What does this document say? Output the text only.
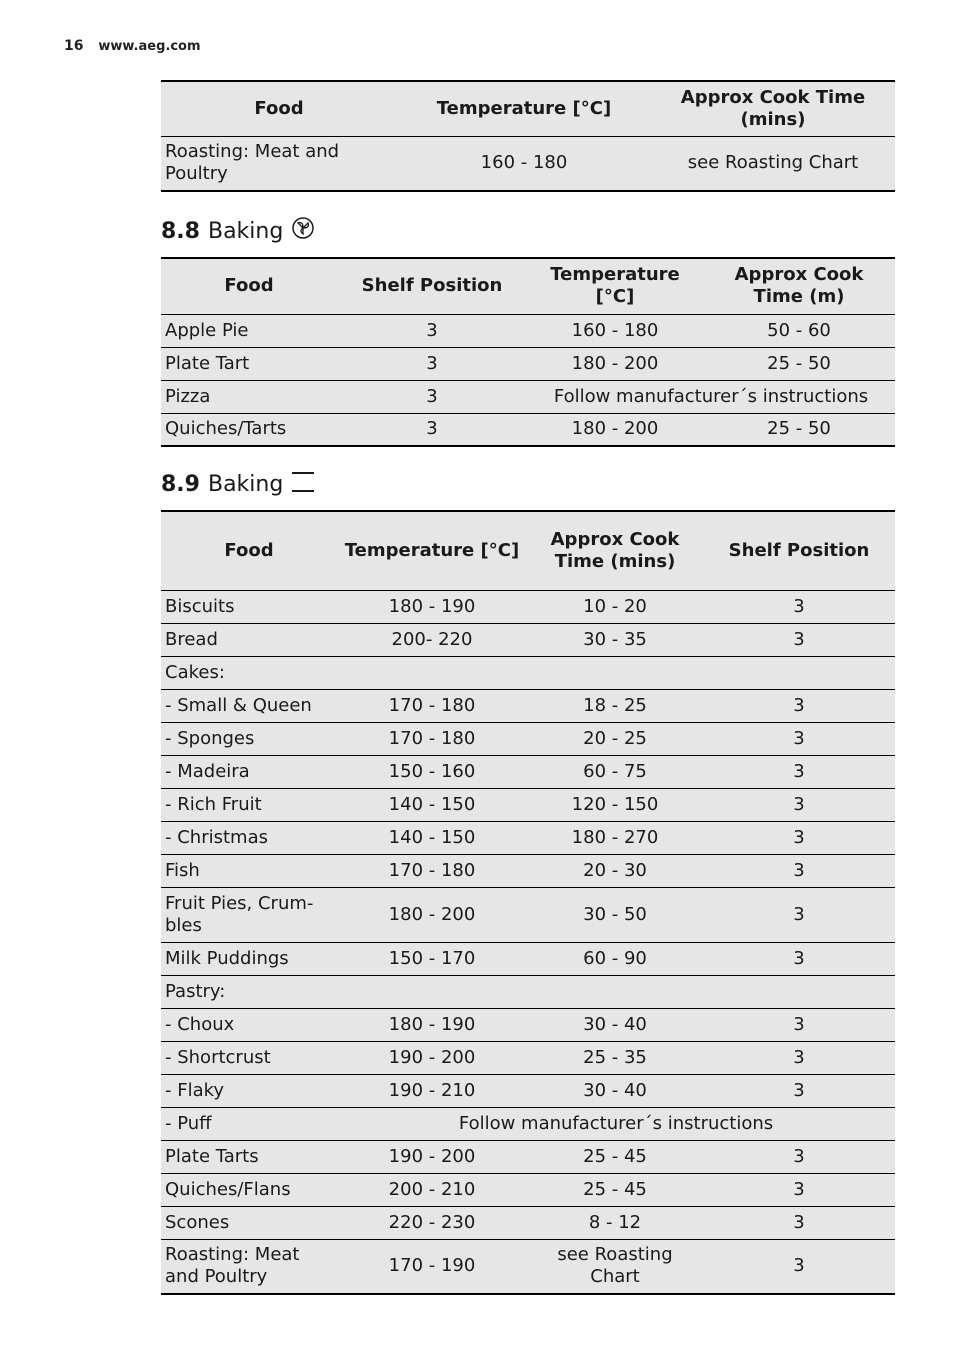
16 www.aeg.com
Food	Temperature [°C]	Approx Cook Time (mins)
Roasting: Meat and Poultry	160 - 180	see Roasting Chart
8.8 Baking
Food	Shelf Position	Temperature [°C]	Approx Cook Time (m)
Apple Pie	3	160 - 180	50 - 60
Plate Tart	3	180 - 200	25 - 50
Pizza	3	Follow manufacturer´s instructions	
Quiches/Tarts	3	180 - 200	25 - 50
8.9 Baking
Food	Temperature [°C]	Approx Cook Time (mins)	Shelf Position
Biscuits	180 - 190	10 - 20	3
Bread	200- 220	30 - 35	3
Cakes:			
- Small & Queen	170 - 180	18 - 25	3
- Sponges	170 - 180	20 - 25	3
- Madeira	150 - 160	60 - 75	3
- Rich Fruit	140 - 150	120 - 150	3
- Christmas	140 - 150	180 - 270	3
Fish	170 - 180	20 - 30	3
Fruit Pies, Crum-bles	180 - 200	30 - 50	3
Milk Puddings	150 - 170	60 - 90	3
Pastry:			
- Choux	180 - 190	30 - 40	3
- Shortcrust	190 - 200	25 - 35	3
- Flaky	190 - 210	30 - 40	3
- Puff	Follow manufacturer´s instructions		
Plate Tarts	190 - 200	25 - 45	3
Quiches/Flans	200 - 210	25 - 45	3
Scones	220 - 230	8 - 12	3
Roasting: Meat and Poultry	170 - 190	see Roasting Chart	3
